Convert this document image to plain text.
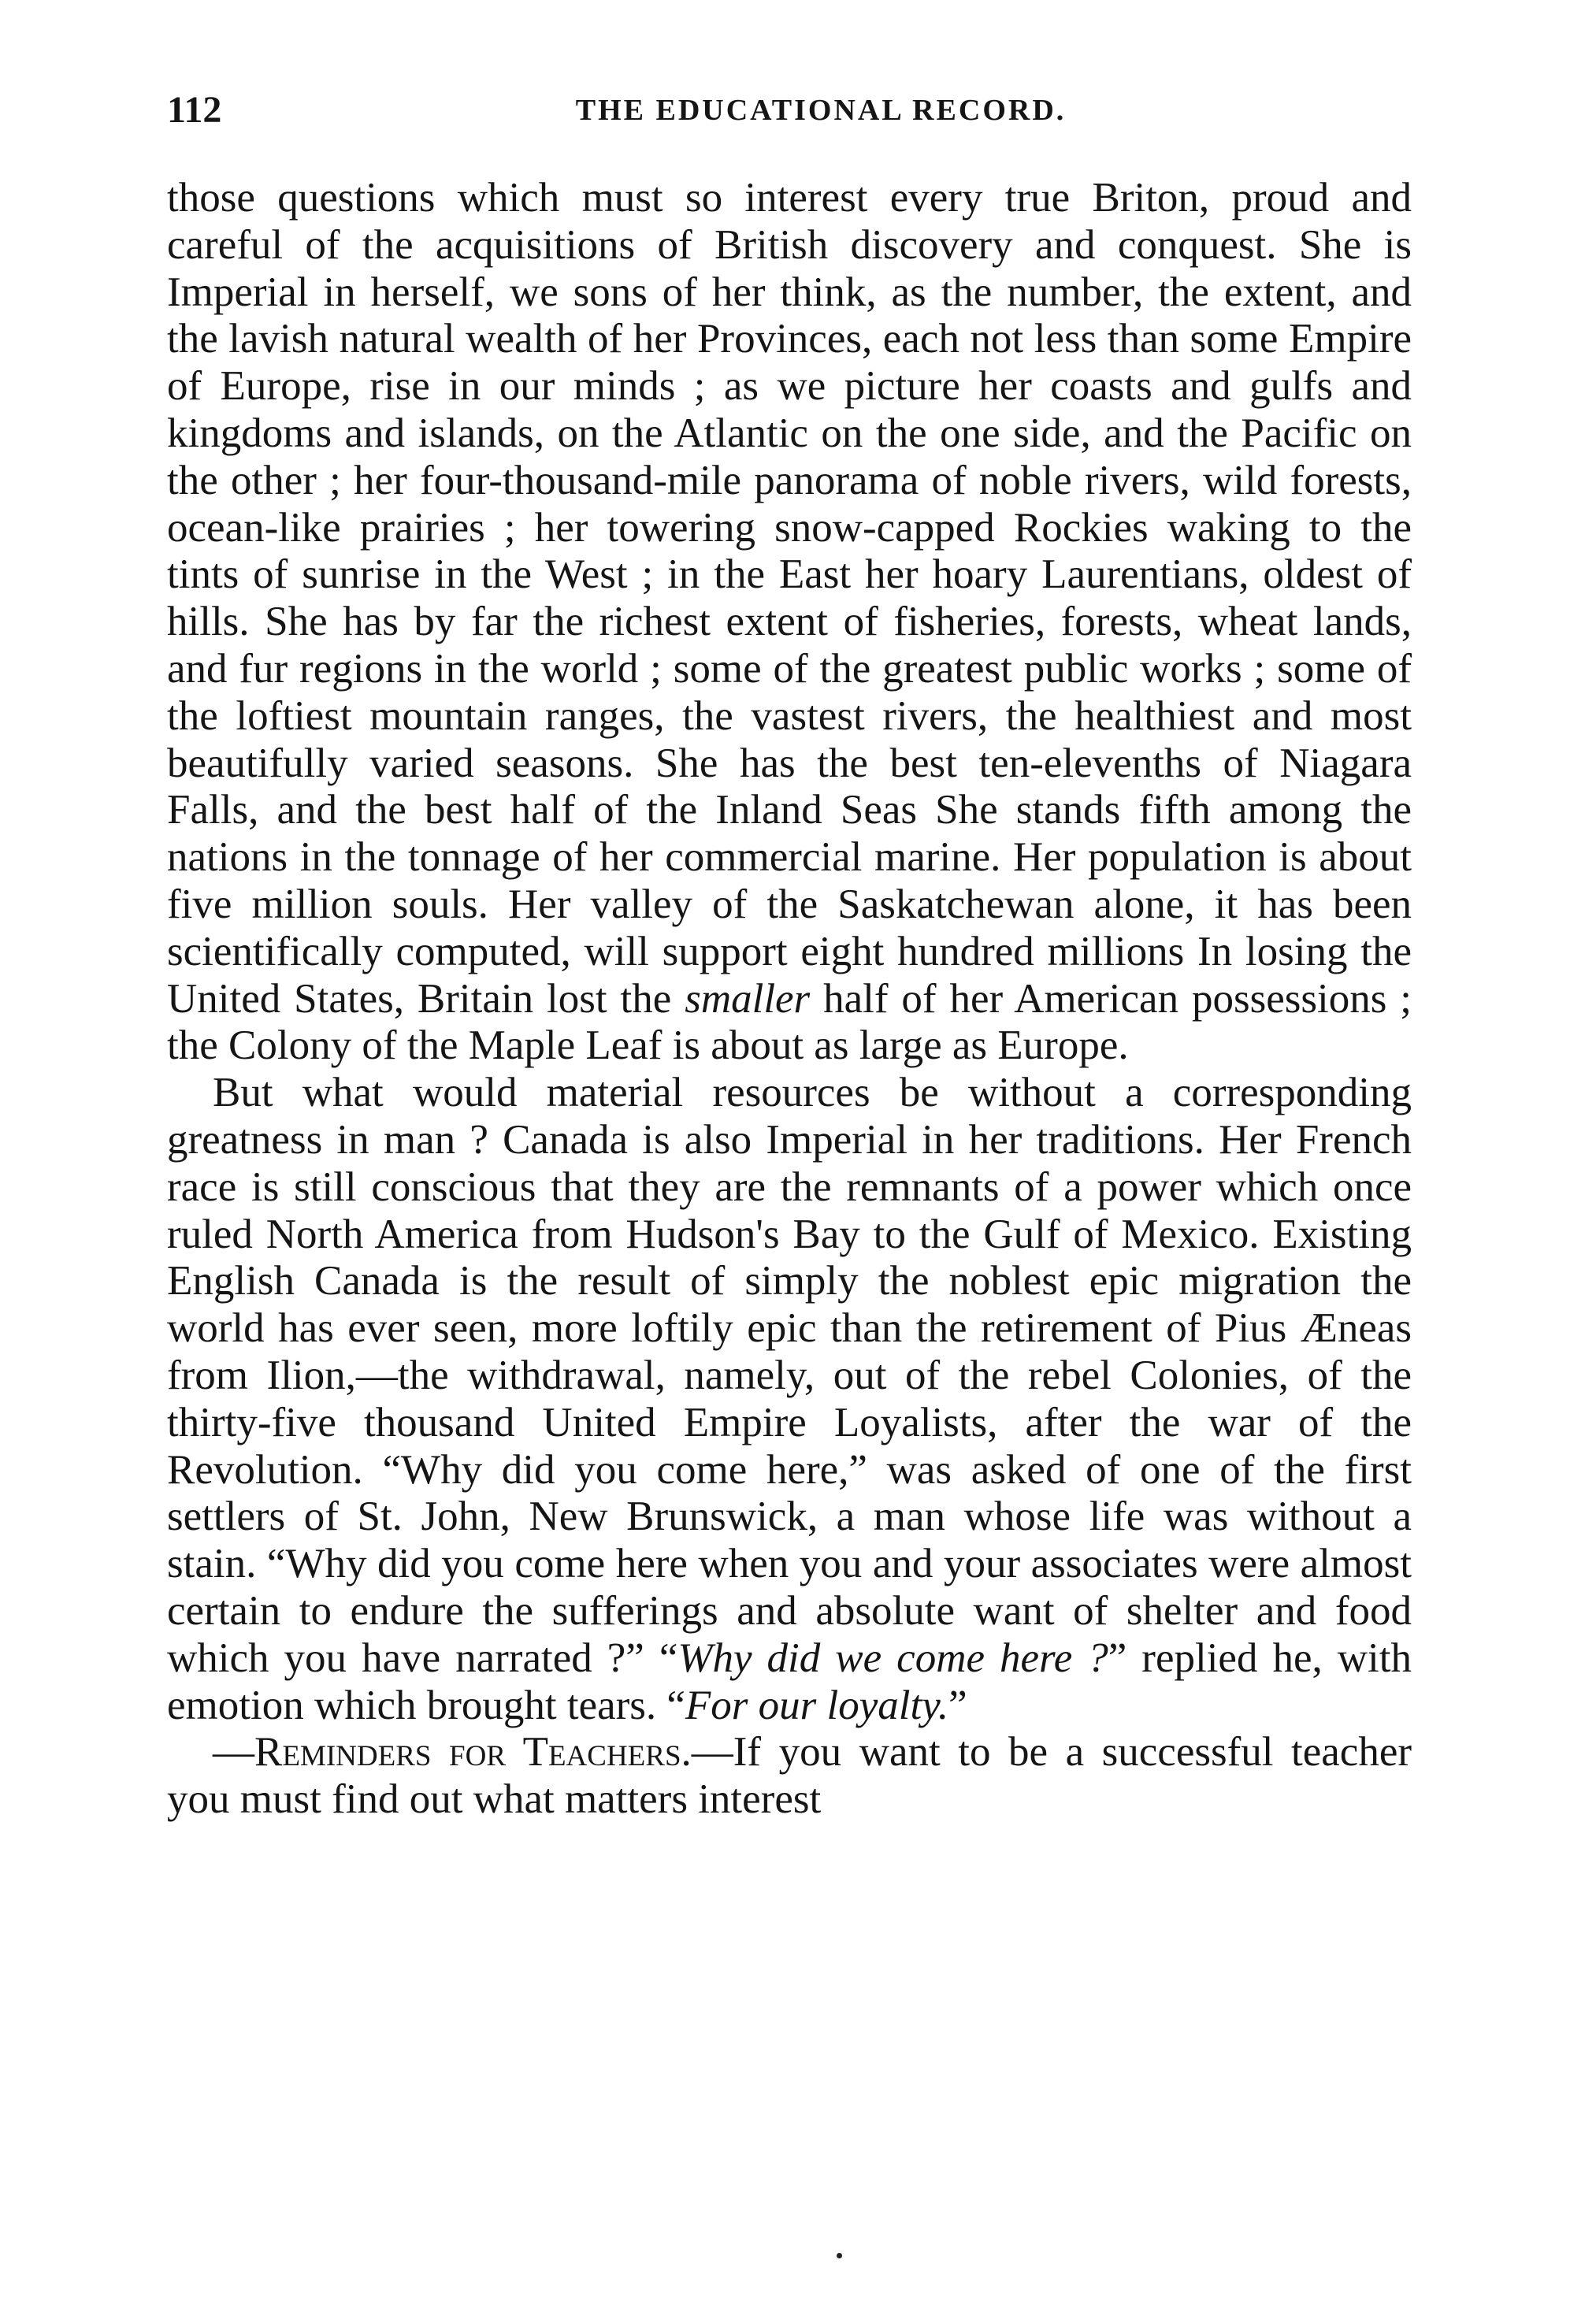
112	THE EDUCATIONAL RECORD.

those questions which must so interest every true Briton, proud and careful of the acquisitions of British discovery and conquest. She is Imperial in herself, we sons of her think, as the number, the extent, and the lavish natural wealth of her Provinces, each not less than some Empire of Europe, rise in our minds ; as we picture her coasts and gulfs and kingdoms and islands, on the Atlantic on the one side, and the Pacific on the other ; her four-thousand-mile panorama of noble rivers, wild forests, ocean-like prairies ; her towering snow-capped Rockies waking to the tints of sunrise in the West ; in the East her hoary Laurentians, oldest of hills. She has by far the richest extent of fisheries, forests, wheat lands, and fur regions in the world ; some of the greatest public works ; some of the loftiest mountain ranges, the vastest rivers, the healthiest and most beautifully varied seasons. She has the best ten-elevenths of Niagara Falls, and the best half of the Inland Seas She stands fifth among the nations in the tonnage of her commercial marine. Her population is about five million souls. Her valley of the Saskatchewan alone, it has been scientifically computed, will support eight hundred millions In losing the United States, Britain lost the smaller half of her American possessions ; the Colony of the Maple Leaf is about as large as Europe.

But what would material resources be without a corresponding greatness in man ? Canada is also Imperial in her traditions. Her French race is still conscious that they are the remnants of a power which once ruled North America from Hudson's Bay to the Gulf of Mexico. Existing English Canada is the result of simply the noblest epic migration the world has ever seen, more loftily epic than the retirement of Pius Æneas from Ilion,—the withdrawal, namely, out of the rebel Colonies, of the thirty-five thousand United Empire Loyalists, after the war of the Revolution. “Why did you come here,” was asked of one of the first settlers of St. John, New Brunswick, a man whose life was without a stain. “Why did you come here when you and your associates were almost certain to endure the sufferings and absolute want of shelter and food which you have narrated ?” “Why did we come here ?” replied he, with emotion which brought tears. “For our loyalty.”

—Reminders for Teachers.—If you want to be a successful teacher you must find out what matters interest
